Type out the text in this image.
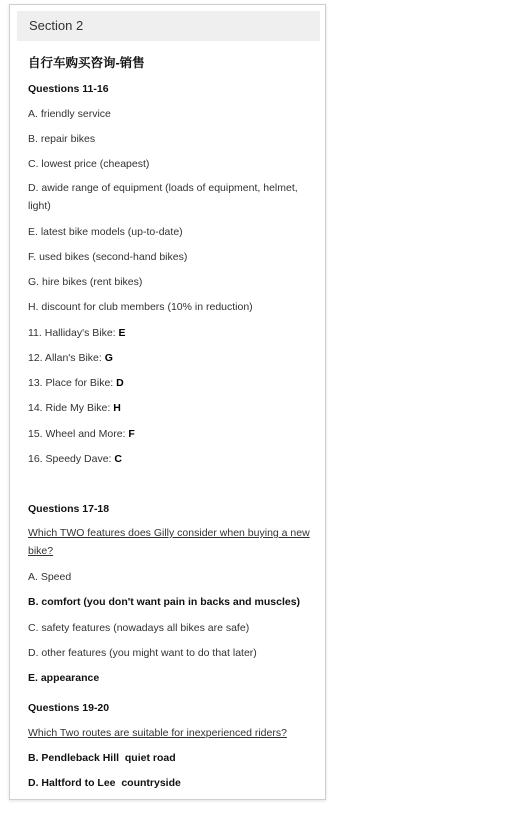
Section 2
自行车购买咨询-销售
Questions 11-16
A. friendly service
B. repair bikes
C. lowest price (cheapest)
D. awide range of equipment (loads of equipment, helmet, light)
E. latest bike models (up-to-date)
F. used bikes (second-hand bikes)
G. hire bikes (rent bikes)
H. discount for club members (10% in reduction)
11. Halliday's Bike: E
12. Allan's Bike: G
13. Place for Bike: D
14. Ride My Bike: H
15. Wheel and More: F
16. Speedy Dave: C
Questions 17-18
Which TWO features does Gilly consider when buying a new bike?
A. Speed
B. comfort (you don't want pain in backs and muscles)
C. safety features (nowadays all bikes are safe)
D. other features (you might want to do that later)
E. appearance
Questions 19-20
Which Two routes are suitable for inexperienced riders?
B. Pendleback Hill  quiet road
D. Haltford to Lee  countryside
